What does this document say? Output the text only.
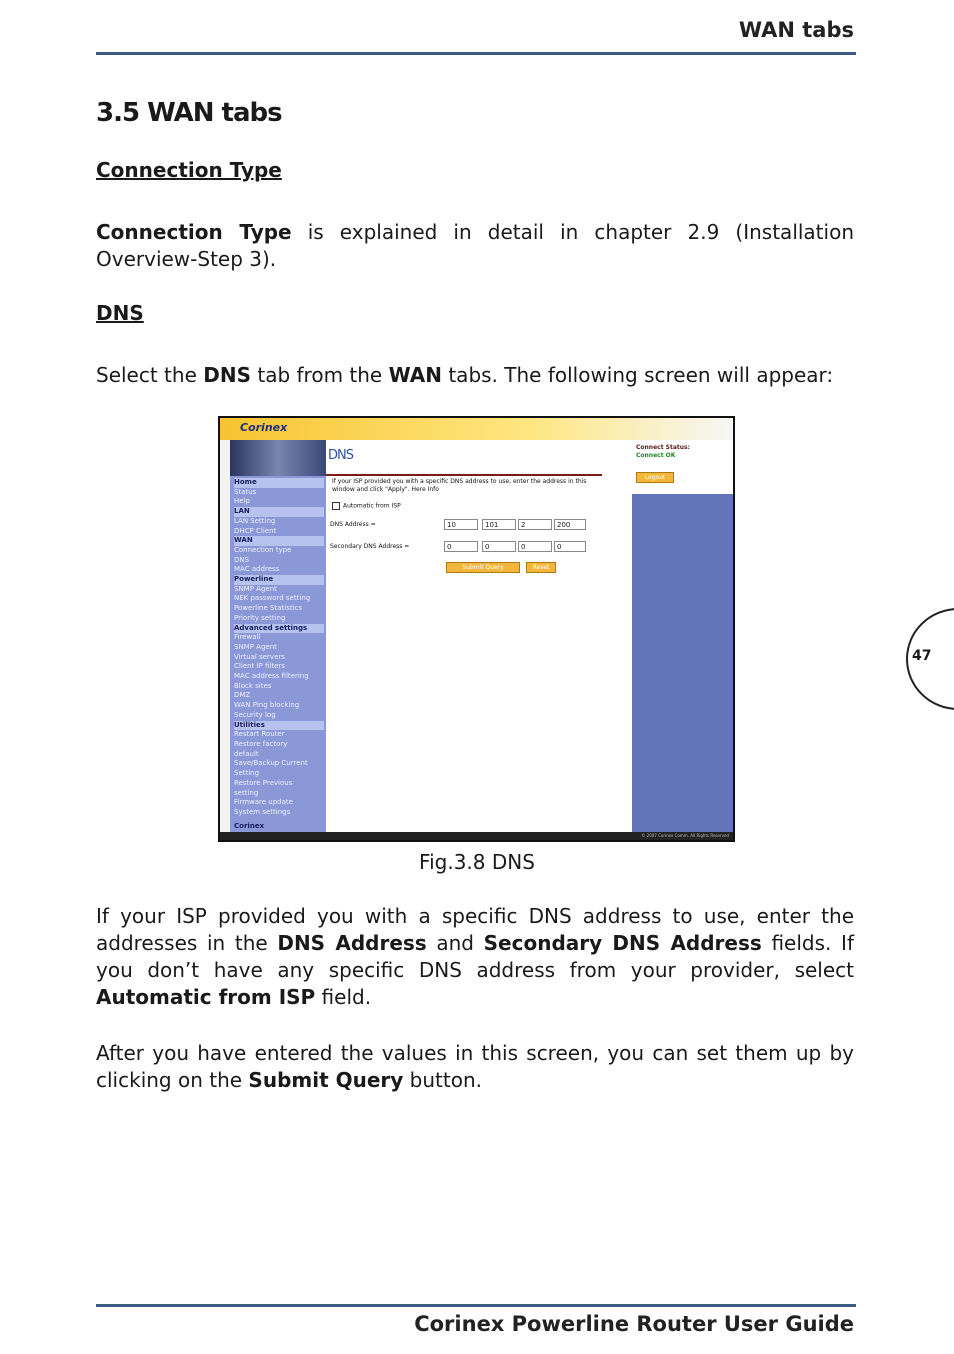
WAN tabs
3.5 WAN tabs
Connection Type
Connection Type is explained in detail in chapter 2.9 (Installation Overview-Step 3).
DNS
Select the DNS tab from the WAN tabs. The following screen will appear:
Corinex
Home
Status
Help
LAN
LAN Setting
DHCP Client
WAN
Connection type
DNS
MAC address
Powerline
SNMP Agent
NEK password setting
Powerline Statistics
Priority setting
Advanced settings
Firewall
SNMP Agent
Virtual servers
Client IP filters
MAC address filtering
Block sites
DMZ
WAN Ping blocking
Security log
Utilities
Restart Router
Restore factory
default
Save/Backup Current
Setting
Restore Previous
setting
Firmware update
System settings
Corinex
DNS
If your ISP provided you with a specific DNS address to use, enter the address in this window and click "Apply". Here Info
Automatic from ISP
DNS Address =	10	101	2	200
Secondary DNS Address =	0	0	0	0
Submit Query	Reset
Connect Status:
Connect OK
Logout
© 2007 Corinex Comm. All Rights Reserved
Fig.3.8 DNS
If your ISP provided you with a specific DNS address to use, enter the addresses in the DNS Address and Secondary DNS Address fields. If you don’t have any specific DNS address from your provider, select Automatic from ISP field.
After you have entered the values in this screen, you can set them up by clicking on the Submit Query button.
47
Corinex Powerline Router User Guide
